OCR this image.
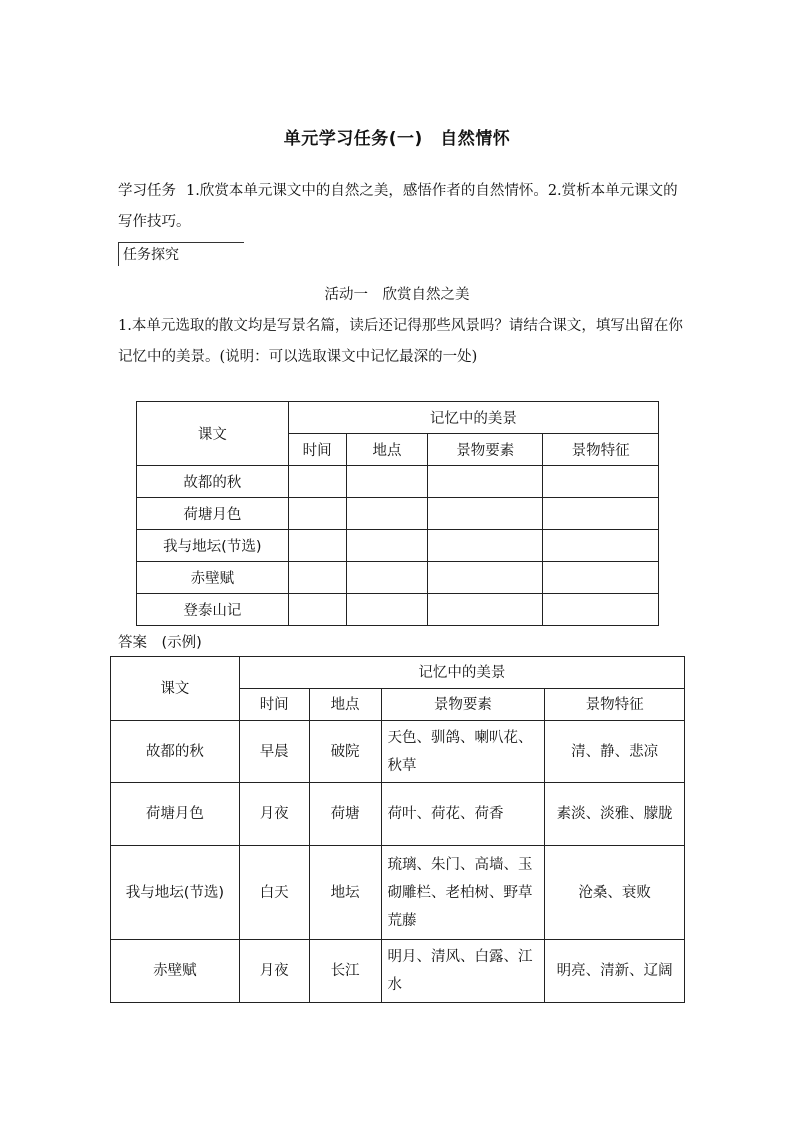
单元学习任务(一)　自然情怀
学习任务 1.欣赏本单元课文中的自然之美，感悟作者的自然情怀。2.赏析本单元课文的写作技巧。
任务探究
活动一　欣赏自然之美
1.本单元选取的散文均是写景名篇，读后还记得那些风景吗？请结合课文，填写出留在你记忆中的美景。(说明：可以选取课文中记忆最深的一处)
课文	记忆中的美景			
	时间	地点	景物要素	景物特征
故都的秋				
荷塘月色				
我与地坛(节选)				
赤壁赋				
登泰山记				
答案　(示例)
课文	记忆中的美景			
	时间	地点	景物要素	景物特征
故都的秋	早晨	破院	天色、驯鸽、喇叭花、秋草	清、静、悲凉
荷塘月色	月夜	荷塘	荷叶、荷花、荷香	素淡、淡雅、朦胧
我与地坛(节选)	白天	地坛	琉璃、朱门、高墙、玉砌雕栏、老柏树、野草荒藤	沧桑、衰败
赤壁赋	月夜	长江	明月、清风、白露、江水	明亮、清新、辽阔
